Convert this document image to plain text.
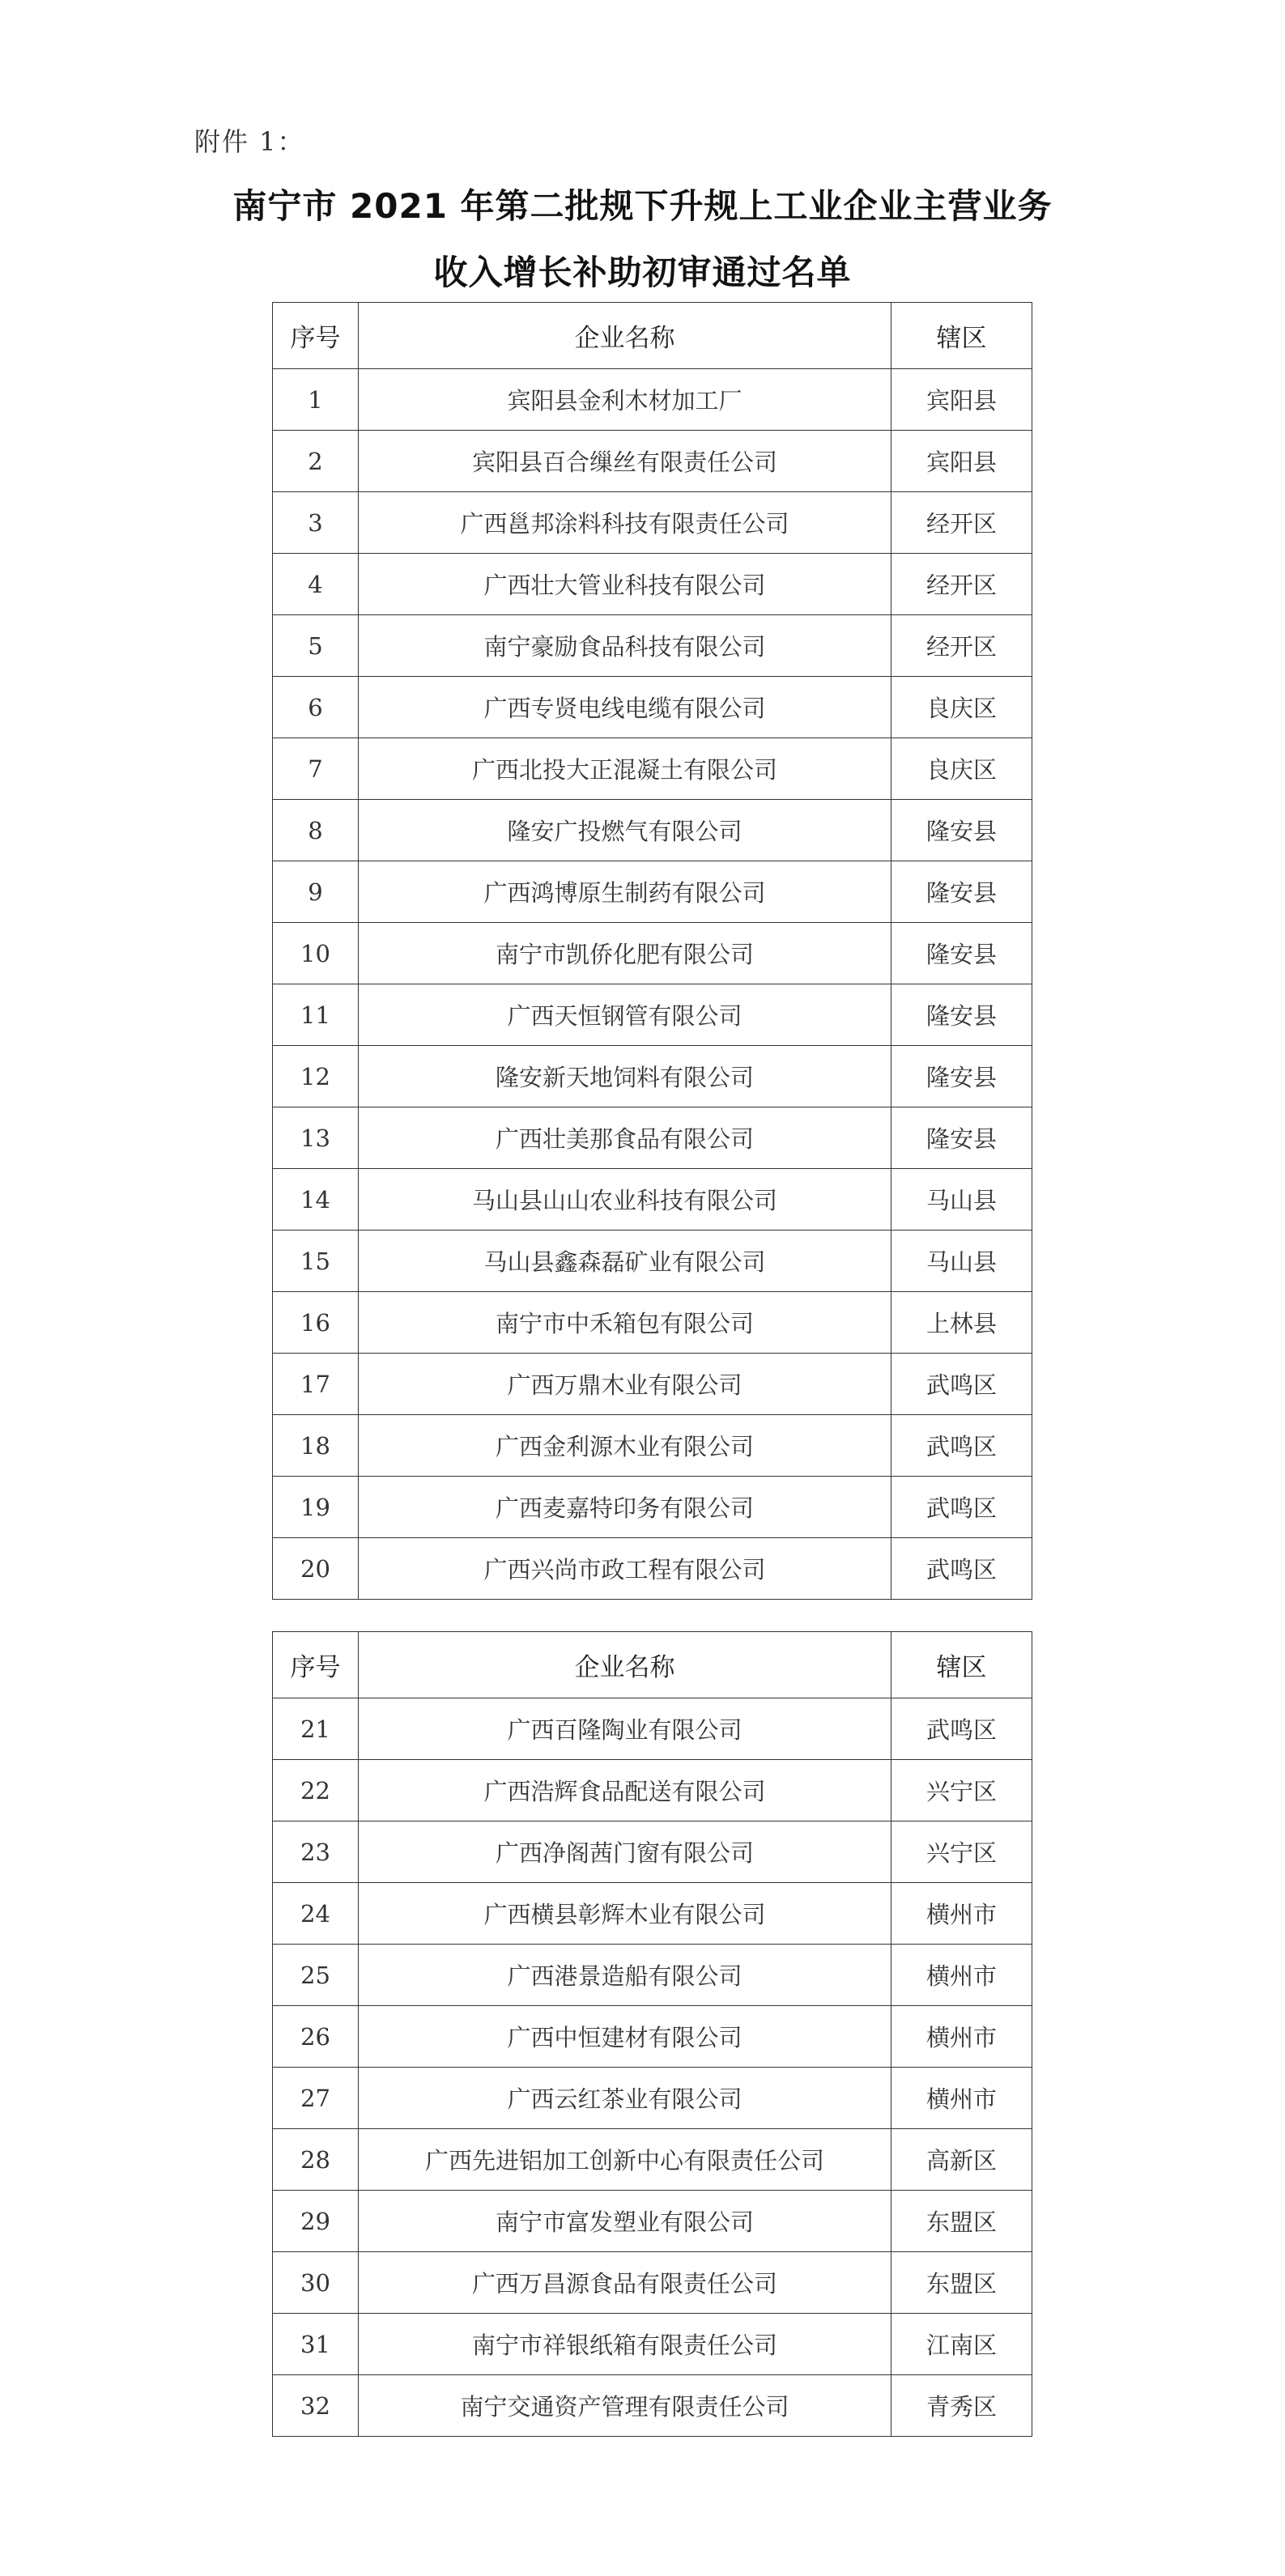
附件 1：
南宁市 2021 年第二批规下升规上工业企业主营业务
收入增长补助初审通过名单
序号	企业名称	辖区
1	宾阳县金利木材加工厂	宾阳县
2	宾阳县百合缫丝有限责任公司	宾阳县
3	广西邕邦涂料科技有限责任公司	经开区
4	广西壮大管业科技有限公司	经开区
5	南宁豪励食品科技有限公司	经开区
6	广西专贤电线电缆有限公司	良庆区
7	广西北投大正混凝土有限公司	良庆区
8	隆安广投燃气有限公司	隆安县
9	广西鸿博原生制药有限公司	隆安县
10	南宁市凯侨化肥有限公司	隆安县
11	广西天恒钢管有限公司	隆安县
12	隆安新天地饲料有限公司	隆安县
13	广西壮美那食品有限公司	隆安县
14	马山县山山农业科技有限公司	马山县
15	马山县鑫森磊矿业有限公司	马山县
16	南宁市中禾箱包有限公司	上林县
17	广西万鼎木业有限公司	武鸣区
18	广西金利源木业有限公司	武鸣区
19	广西麦嘉特印务有限公司	武鸣区
20	广西兴尚市政工程有限公司	武鸣区
序号	企业名称	辖区
21	广西百隆陶业有限公司	武鸣区
22	广西浩辉食品配送有限公司	兴宁区
23	广西净阁茜门窗有限公司	兴宁区
24	广西横县彰辉木业有限公司	横州市
25	广西港景造船有限公司	横州市
26	广西中恒建材有限公司	横州市
27	广西云红茶业有限公司	横州市
28	广西先进铝加工创新中心有限责任公司	高新区
29	南宁市富发塑业有限公司	东盟区
30	广西万昌源食品有限责任公司	东盟区
31	南宁市祥银纸箱有限责任公司	江南区
32	南宁交通资产管理有限责任公司	青秀区
